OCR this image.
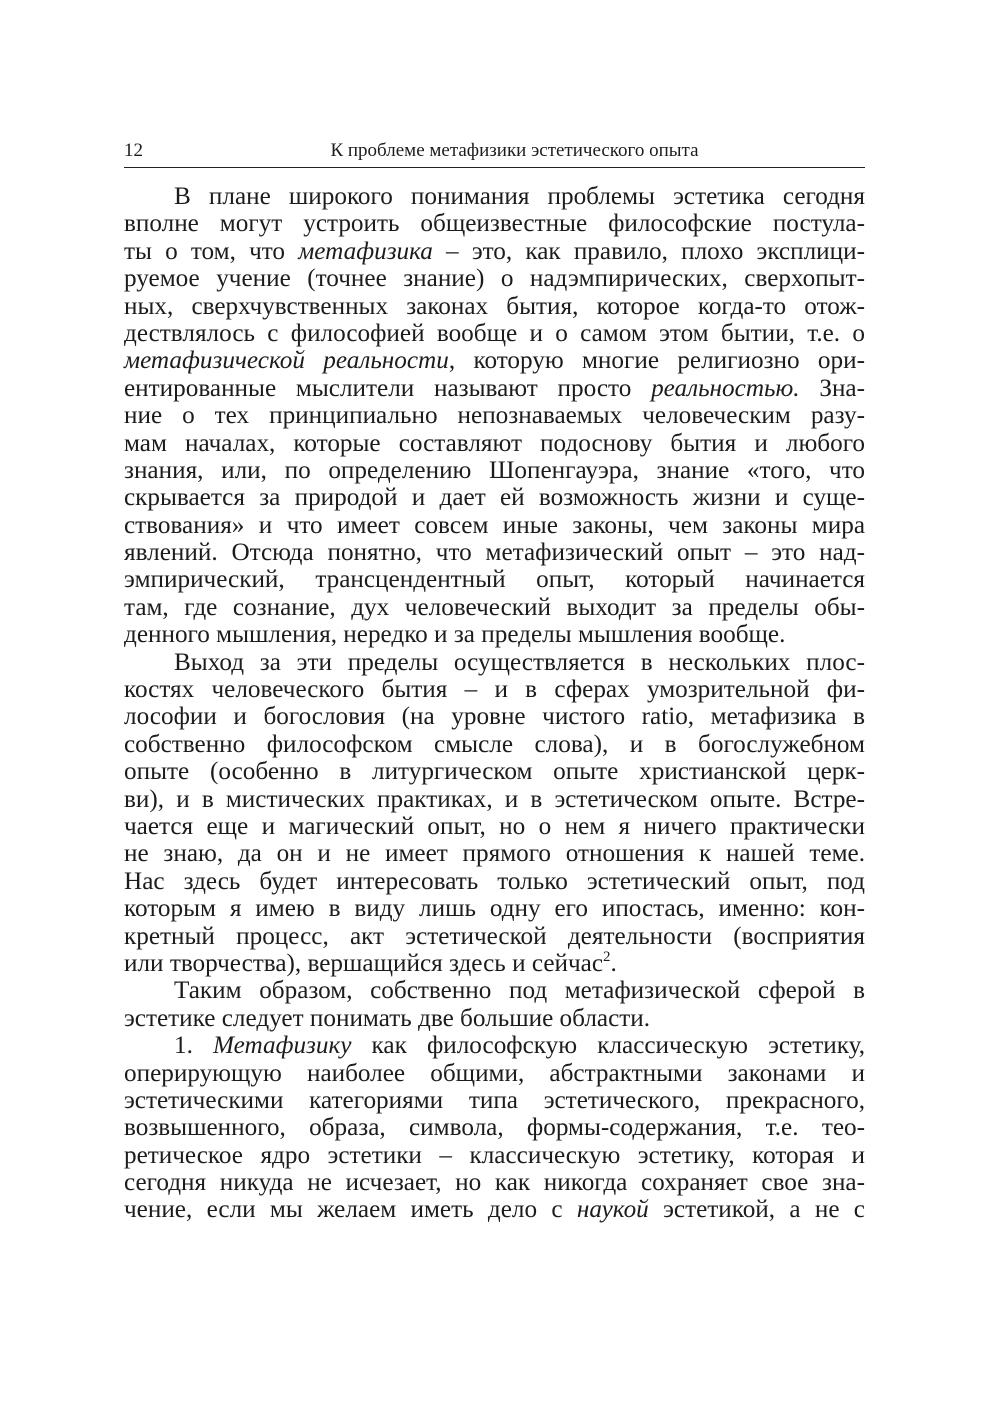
12	К проблеме метафизики эстетического опыта
В плане широкого понимания проблемы эстетика сегодня
вполне могут устроить общеизвестные философские постула-
ты о том, что метафизика – это, как правило, плохо эксплици-
руемое учение (точнее знание) о надэмпирических, сверхопыт-
ных, сверхчувственных законах бытия, которое когда-то отож-
дествлялось с философией вообще и о самом этом бытии, т.е. о
метафизической реальности, которую многие религиозно ори-
ентированные мыслители называют просто реальностью. Зна-
ние о тех принципиально непознаваемых человеческим разу-
мам началах, которые составляют подоснову бытия и любого
знания, или, по определению Шопенгауэра, знание «того, что
скрывается за природой и дает ей возможность жизни и суще-
ствования» и что имеет совсем иные законы, чем законы мира
явлений. Отсюда понятно, что метафизический опыт – это над-
эмпирический, трансцендентный опыт, который начинается
там, где сознание, дух человеческий выходит за пределы обы-
денного мышления, нередко и за пределы мышления вообще.
Выход за эти пределы осуществляется в нескольких плос-
костях человеческого бытия – и в сферах умозрительной фи-
лософии и богословия (на уровне чистого ratio, метафизика в
собственно философском смысле слова), и в богослужебном
опыте (особенно в литургическом опыте христианской церк-
ви), и в мистических практиках, и в эстетическом опыте. Встре-
чается еще и магический опыт, но о нем я ничего практически
не знаю, да он и не имеет прямого отношения к нашей теме.
Нас здесь будет интересовать только эстетический опыт, под
которым я имею в виду лишь одну его ипостась, именно: кон-
кретный процесс, акт эстетической деятельности (восприятия
или творчества), вершащийся здесь и сейчас$^2$.
Таким образом, собственно под метафизической сферой в
эстетике следует понимать две большие области.
1. Метафизику как философскую классическую эстетику,
оперирующую наиболее общими, абстрактными законами и
эстетическими категориями типа эстетического, прекрасного,
возвышенного, образа, символа, формы-содержания, т.е. тео-
ретическое ядро эстетики – классическую эстетику, которая и
сегодня никуда не исчезает, но как никогда сохраняет свое зна-
чение, если мы желаем иметь дело с наукой эстетикой, а не с
